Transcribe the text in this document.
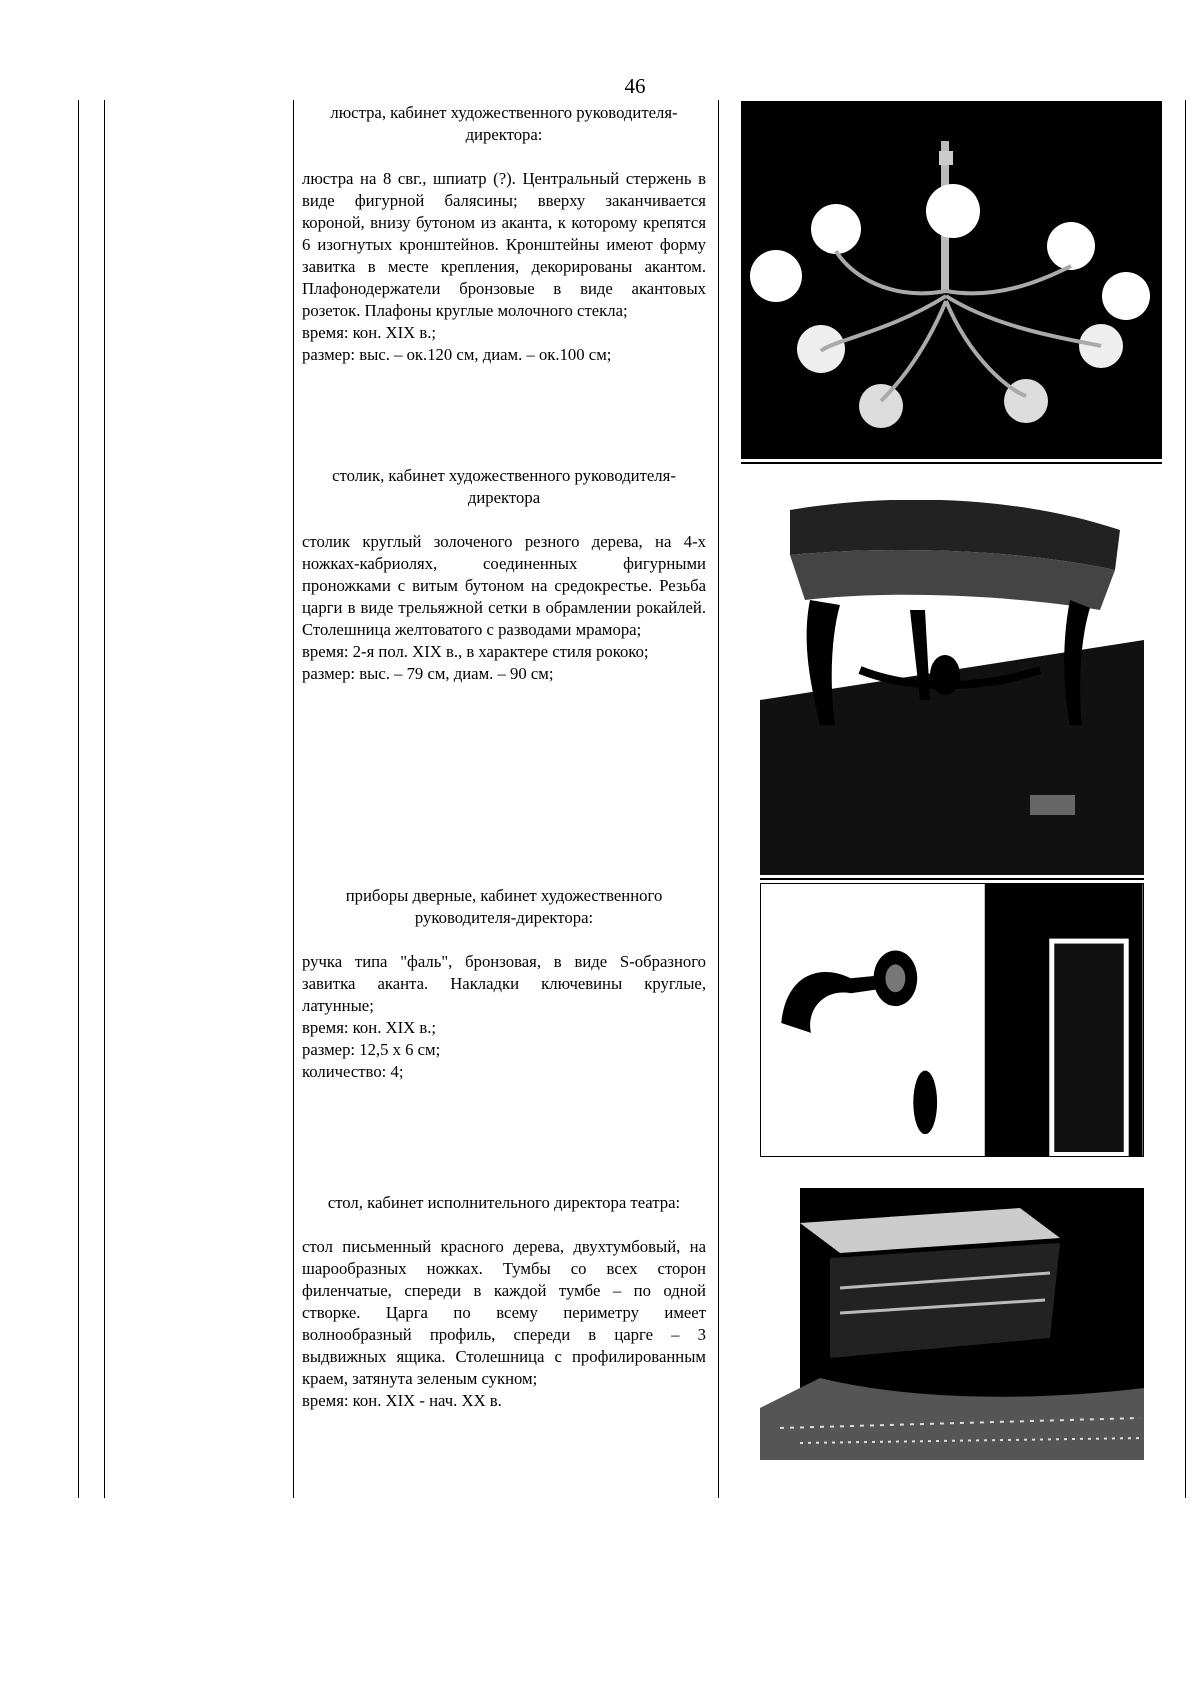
46

люстра, кабинет художественного руководителя-директора:

люстра на 8 свг., шпиатр (?). Центральный стержень в виде фигурной балясины; вверху заканчивается короной, внизу бутоном из аканта, к которому крепятся 6 изогнутых кронштейнов. Кронштейны имеют форму завитка в месте крепления, декорированы акантом. Плафонодержатели бронзовые в виде акантовых розеток. Плафоны круглые молочного стекла;

время: кон. XIX в.;

размер: выс. – ок.120 см, диам. – ок.100 см;

столик, кабинет художественного руководителя-директора

столик круглый золоченого резного дерева, на 4-х ножках-кабриолях, соединенных фигурными проножками с витым бутоном на средокрестье. Резьба царги в виде трельяжной сетки в обрамлении рокайлей. Столешница желтоватого с разводами мрамора;

время: 2-я пол. XIX в., в характере стиля рококо;

размер: выс. – 79 см, диам. – 90 см;

приборы дверные, кабинет художественного руководителя-директора:

ручка типа "фаль", бронзовая, в виде S-образного завитка аканта. Накладки ключевины круглые, латунные;

время: кон. XIX в.;

размер: 12,5 х 6 см;

количество: 4;

стол, кабинет исполнительного директора театра:

стол письменный красного дерева, двухтумбовый, на шарообразных ножках. Тумбы со всех сторон филенчатые, спереди в каждой тумбе – по одной створке. Царга по всему периметру имеет волнообразный профиль, спереди в царге – 3 выдвижных ящика. Столешница с профилированным краем, затянута зеленым сукном;

время: кон. XIX - нач. XX в.
